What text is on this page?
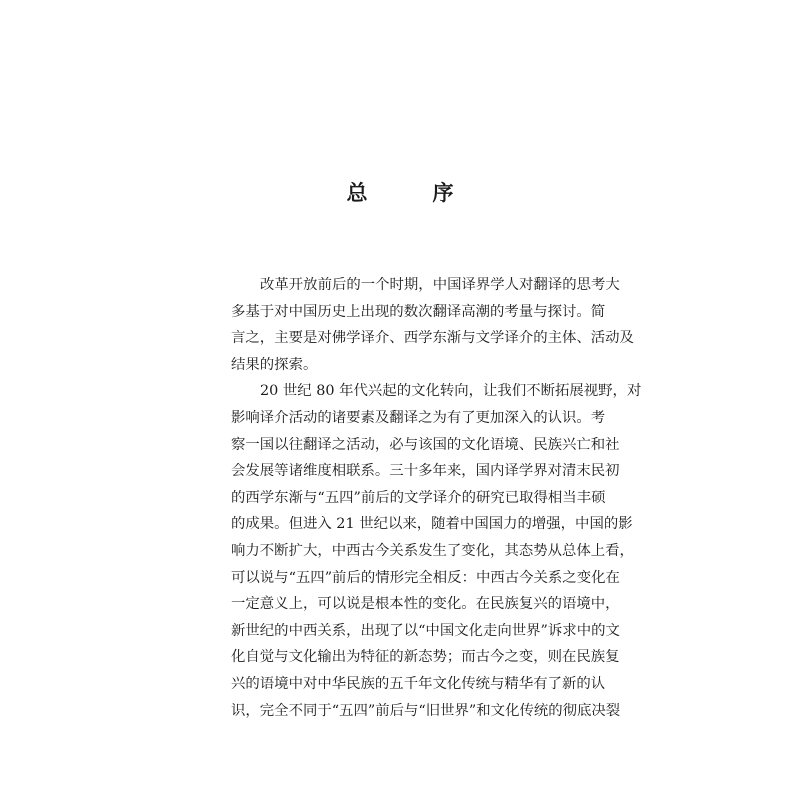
总　序
改革开放前后的一个时期，中国译界学人对翻译的思考大
多基于对中国历史上出现的数次翻译高潮的考量与探讨。简
言之，主要是对佛学译介、西学东渐与文学译介的主体、活动及
结果的探索。
20 世纪 80 年代兴起的文化转向，让我们不断拓展视野，对
影响译介活动的诸要素及翻译之为有了更加深入的认识。考
察一国以往翻译之活动，必与该国的文化语境、民族兴亡和社
会发展等诸维度相联系。三十多年来，国内译学界对清末民初
的西学东渐与“五四”前后的文学译介的研究已取得相当丰硕
的成果。但进入 21 世纪以来，随着中国国力的增强，中国的影
响力不断扩大，中西古今关系发生了变化，其态势从总体上看，
可以说与“五四”前后的情形完全相反：中西古今关系之变化在
一定意义上，可以说是根本性的变化。在民族复兴的语境中，
新世纪的中西关系，出现了以“中国文化走向世界”诉求中的文
化自觉与文化输出为特征的新态势；而古今之变，则在民族复
兴的语境中对中华民族的五千年文化传统与精华有了新的认
识，完全不同于“五四”前后与“旧世界”和文化传统的彻底决裂
